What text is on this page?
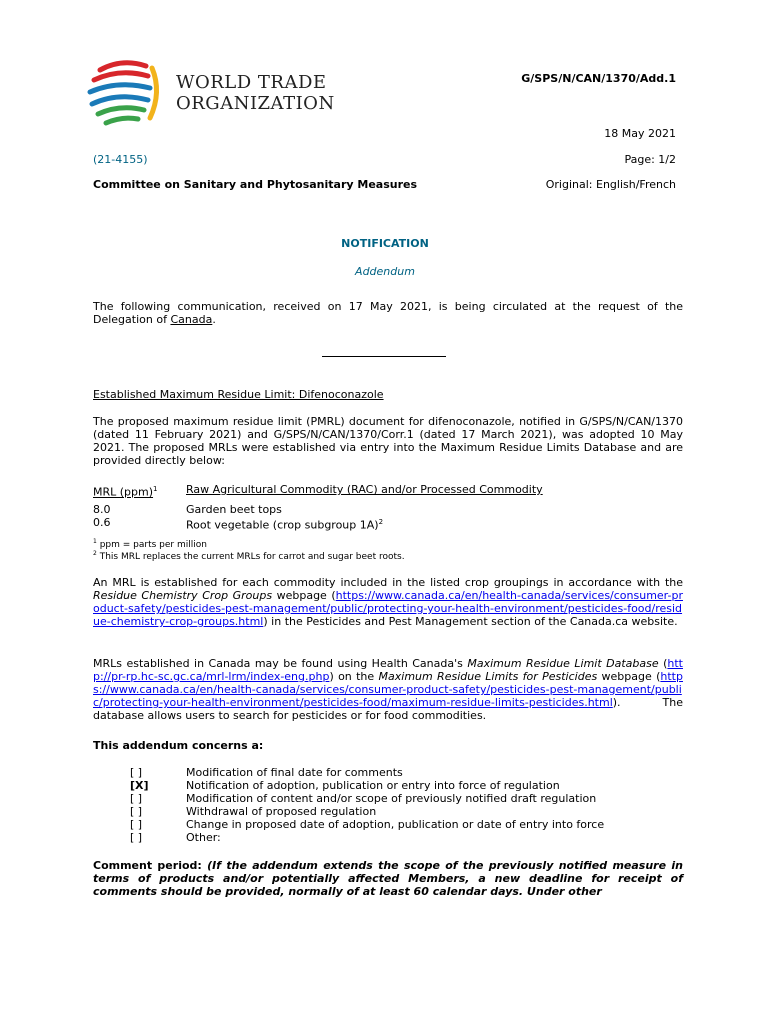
WORLD TRADE
ORGANIZATION
G/SPS/N/CAN/1370/Add.1
18 May 2021
(21-4155)	Page: 1/2
Committee on Sanitary and Phytosanitary Measures	Original: English/French
NOTIFICATION
Addendum
The following communication, received on 17 May 2021, is being circulated at the request of the Delegation of Canada.
Established Maximum Residue Limit: Difenoconazole
The proposed maximum residue limit (PMRL) document for difenoconazole, notified in G/SPS/N/CAN/1370 (dated 11 February 2021) and G/SPS/N/CAN/1370/Corr.1 (dated 17 March 2021), was adopted 10 May 2021. The proposed MRLs were established via entry into the Maximum Residue Limits Database and are provided directly below:
MRL (ppm)$^1$	Raw Agricultural Commodity (RAC) and/or Processed Commodity
8.0	Garden beet tops
0.6	Root vegetable (crop subgroup 1A)$^2$
$^1$ ppm = parts per million
$^2$ This MRL replaces the current MRLs for carrot and sugar beet roots.
An MRL is established for each commodity included in the listed crop groupings in accordance with the Residue Chemistry Crop Groups webpage (https://www.canada.ca/en/health-canada/services/consumer-product-safety/pesticides-pest-management/public/protecting-your-health-environment/pesticides-food/residue-chemistry-crop-groups.html) in the Pesticides and Pest Management section of the Canada.ca website.
MRLs established in Canada may be found using Health Canada's Maximum Residue Limit Database (http://pr-rp.hc-sc.gc.ca/mrl-lrm/index-eng.php) on the Maximum Residue Limits for Pesticides webpage (https://www.canada.ca/en/health-canada/services/consumer-product-safety/pesticides-pest-management/public/protecting-your-health-environment/pesticides-food/maximum-residue-limits-pesticides.html). The database allows users to search for pesticides or for food commodities.
This addendum concerns a:
[ ]	Modification of final date for comments
[X]	Notification of adoption, publication or entry into force of regulation
[ ]	Modification of content and/or scope of previously notified draft regulation
[ ]	Withdrawal of proposed regulation
[ ]	Change in proposed date of adoption, publication or date of entry into force
[ ]	Other:
Comment period: (If the addendum extends the scope of the previously notified measure in terms of products and/or potentially affected Members, a new deadline for receipt of comments should be provided, normally of at least 60 calendar days. Under other
